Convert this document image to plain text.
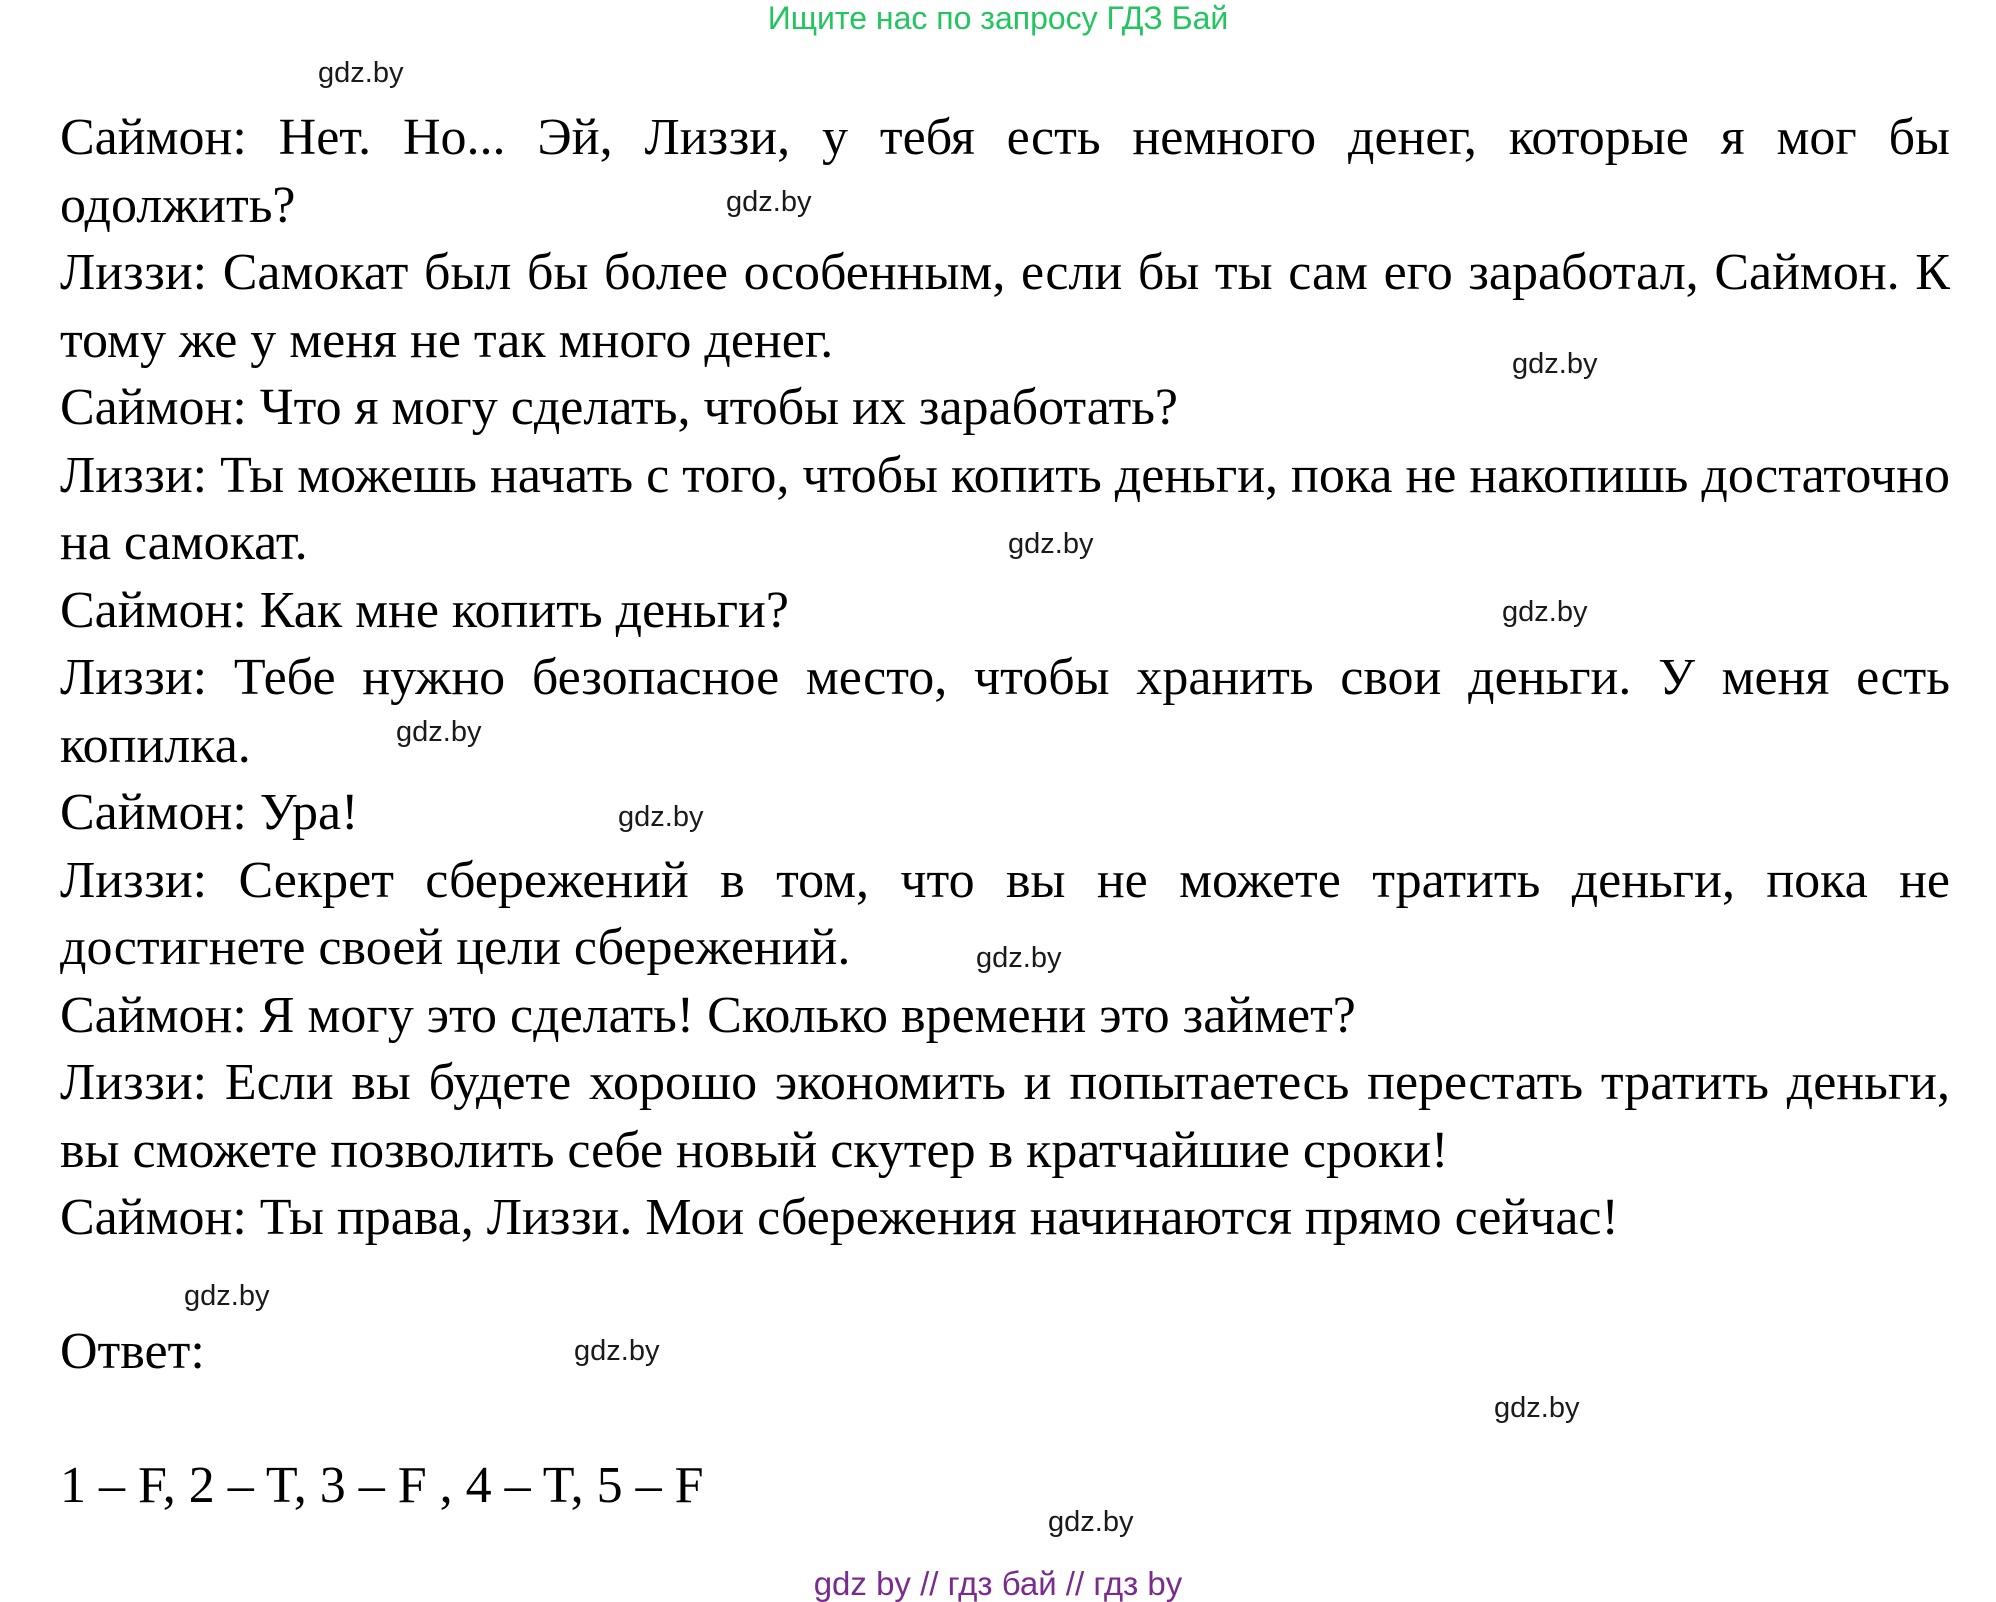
Ищите нас по запросу ГДЗ Бай

Саймон: Нет. Но... Эй, Лиззи, у тебя есть немного денег, которые я мог бы одолжить?

Лиззи: Самокат был бы более особенным, если бы ты сам его заработал, Саймон. К тому же у меня не так много денег.

Саймон: Что я могу сделать, чтобы их заработать?

Лиззи: Ты можешь начать с того, чтобы копить деньги, пока не накопишь достаточно на самокат.

Саймон: Как мне копить деньги?

Лиззи: Тебе нужно безопасное место, чтобы хранить свои деньги. У меня есть копилка.

Саймон: Ура!

Лиззи: Секрет сбережений в том, что вы не можете тратить деньги, пока не достигнете своей цели сбережений.

Саймон: Я могу это сделать! Сколько времени это займет?

Лиззи: Если вы будете хорошо экономить и попытаетесь перестать тратить деньги, вы сможете позволить себе новый скутер в кратчайшие сроки!

Саймон: Ты права, Лиззи. Мои сбережения начинаются прямо сейчас!

Ответ:
1 – F, 2 – T, 3 – F , 4 – T, 5 – F
gdz.by
gdz.by
gdz.by
gdz.by
gdz.by
gdz.by
gdz.by
gdz.by
gdz.by
gdz.by
gdz.by
gdz.by
gdz by // гдз бай // гдз by
